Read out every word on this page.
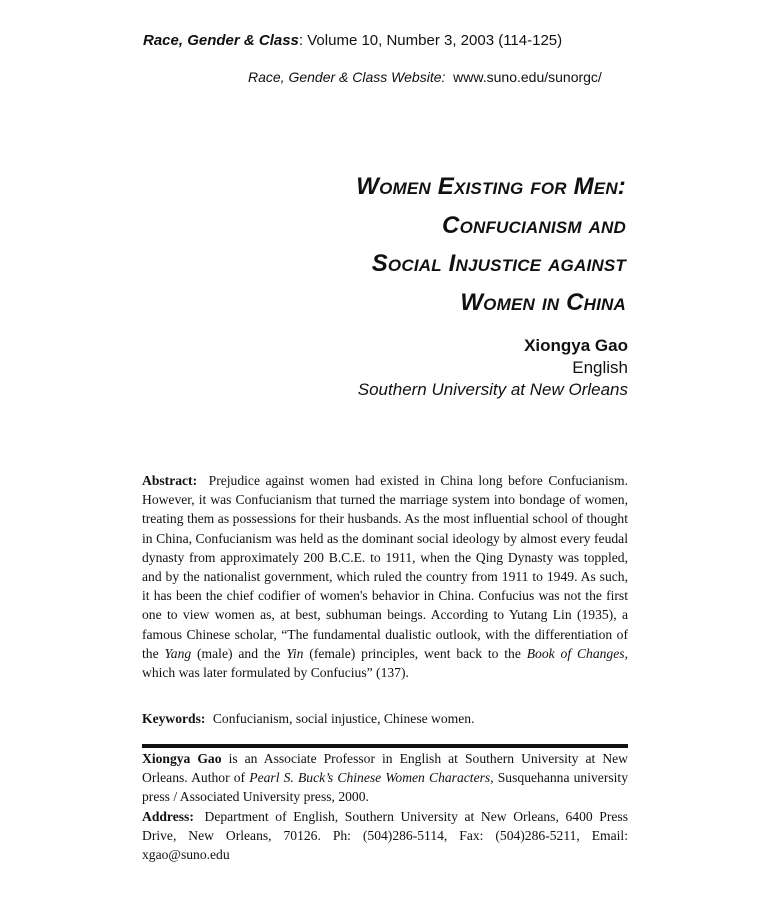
Race, Gender & Class: Volume 10, Number 3, 2003 (114-125)
Race, Gender & Class Website: www.suno.edu/sunorgc/
Women Existing for Men:
Confucianism and
Social Injustice against
Women in China
Xiongya Gao
English
Southern University at New Orleans
Abstract: Prejudice against women had existed in China long before Confucianism. However, it was Confucianism that turned the marriage system into bondage of women, treating them as possessions for their husbands. As the most influential school of thought in China, Confucianism was held as the dominant social ideology by almost every feudal dynasty from approximately 200 B.C.E. to 1911, when the Qing Dynasty was toppled, and by the nationalist government, which ruled the country from 1911 to 1949. As such, it has been the chief codifier of women's behavior in China. Confucius was not the first one to view women as, at best, subhuman beings. According to Yutang Lin (1935), a famous Chinese scholar, “The fundamental dualistic outlook, with the differentiation of the Yang (male) and the Yin (female) principles, went back to the Book of Changes, which was later formulated by Confucius” (137).
Keywords: Confucianism, social injustice, Chinese women.

Xiongya Gao is an Associate Professor in English at Southern University at New Orleans. Author of Pearl S. Buck’s Chinese Women Characters, Susquehanna university press / Associated University press, 2000.

Address: Department of English, Southern University at New Orleans, 6400 Press Drive, New Orleans, 70126. Ph: (504)286-5114, Fax: (504)286-5211, Email: xgao@suno.edu
